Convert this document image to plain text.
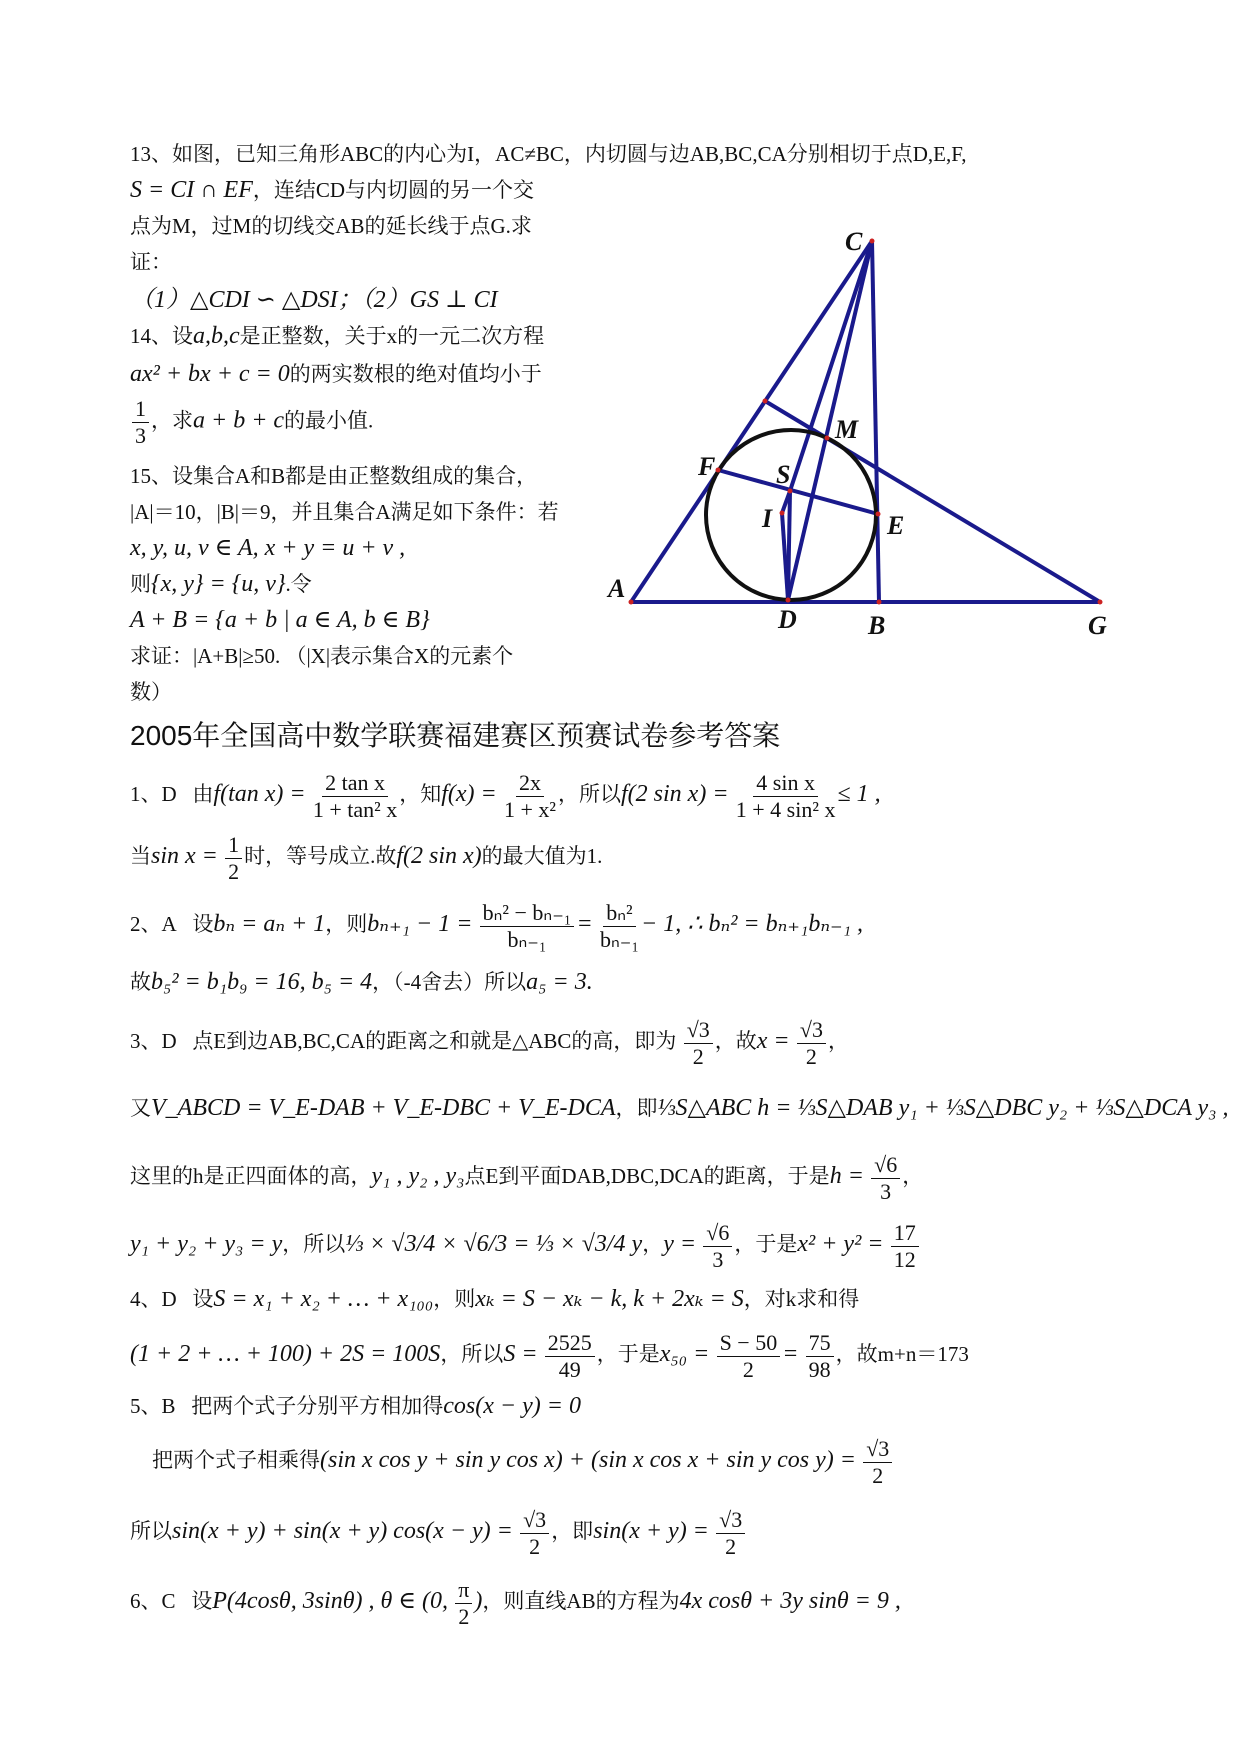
13、如图，已知三角形ABC的内心为I，AC≠BC，内切圆与边AB,BC,CA分别相切于点D,E,F,
S = CI ∩ EF，连结CD与内切圆的另一个交
点为M，过M的切线交AB的延长线于点G.求
证：
（1）△CDI ∽ △DSI；（2）GS ⊥ CI
14、设a,b,c是正整数，关于x的一元二次方程
ax² + bx + c = 0的两实数根的绝对值均小于
$\frac{1}{3}$ ，求a + b + c的最小值.
15、设集合A和B都是由正整数组成的集合，
|A|＝10，|B|＝9，并且集合A满足如下条件：若
x, y, u, v ∈ A, x + y = u + v ,
则{x, y} = {u, v}.令
A + B = {a + b | a ∈ A, b ∈ B}
求证：|A+B|≥50. （|X|表示集合X的元素个
数）
C
M
F S
I	E
A
D	B	G
2005年全国高中数学联赛福建赛区预赛试卷参考答案
1、D 由f(tan $x) = \frac{\text{2 tan x}}{\text{1 + tan² x}}$ ，知$f(x) = \frac{2x}{\text{1 + x²}}$ ，所以f(2 $\sin x) = \frac{\text{4 sin x}}{\text{1 + 4 sin² x}} \le 1$ ,
当$\sin x = \frac{1}{2}$ 时，等号成立.故f(2 sin x)的最大值为1.
2、A 设bₙ = aₙ + 1，则$b_{n+1} - 1 = \frac{\text{bₙ² − bₙ₋₁}}{\text{bₙ₋₁}} = \frac{\text{bₙ²}}{\text{bₙ₋₁}} - 1$, ∴ bₙ² = bₙ₊₁bₙ₋₁ ,
故b₅² = b₁b₉ = 16, b₅ = 4，（-4舍去）所以a₅ = 3.
3、D 点E到边AB,BC,CA的距离之和就是△ABC的高，即为 $\frac{√3}{2}$ ，故$x = \frac{√3}{2}$ ，
又V_ABCD = V_E-DAB + V_E-DBC + V_E-DCA，即⅓S△ABC h = ⅓S△DAB y₁ + ⅓S△DBC y₂ + ⅓S△DCA y₃ ,
这里的h是正四面体的高，y₁ , y₂ , y₃点E到平面DAB,DBC,DCA的距离，于是$h = \frac{√6}{3}$ ，
y₁ + y₂ + y₃ = y，所以⅓ × √3/4 × √6/3 = ⅓ × √3/4 y，$y = \frac{√6}{3}$ ，于是$x^2 + y^2 = \frac{17}{12}$
4、D 设S = x₁ + x₂ + … + x₁₀₀，则xₖ = S − xₖ − k, k + 2xₖ = S，对k求和得
(1 + 2 + … + 100) + 2S = 100S，所以$S = \frac{2525}{49}$ ，于是$x_{50} = \frac{S - 50}{2} = \frac{75}{98}$ ，故m+n＝173
5、B 把两个式子分别平方相加得cos(x − y) = 0
把两个式子相乘得(sin x cos y + sin y cos x) + (sin x cos x + sin y $\cos y) = \frac{√3}{2}$
所以sin(x + y) + sin(x + y) $\cos(x - y) = \frac{√3}{2}$ ，即$\sin(x + y) = \frac{√3}{2}$
6、C 设P(4cosθ, 3sinθ) , θ ∈ (0, $\frac{\pi}{2}$ )，则直线AB的方程为4x cosθ + 3y sinθ = 9 ,
